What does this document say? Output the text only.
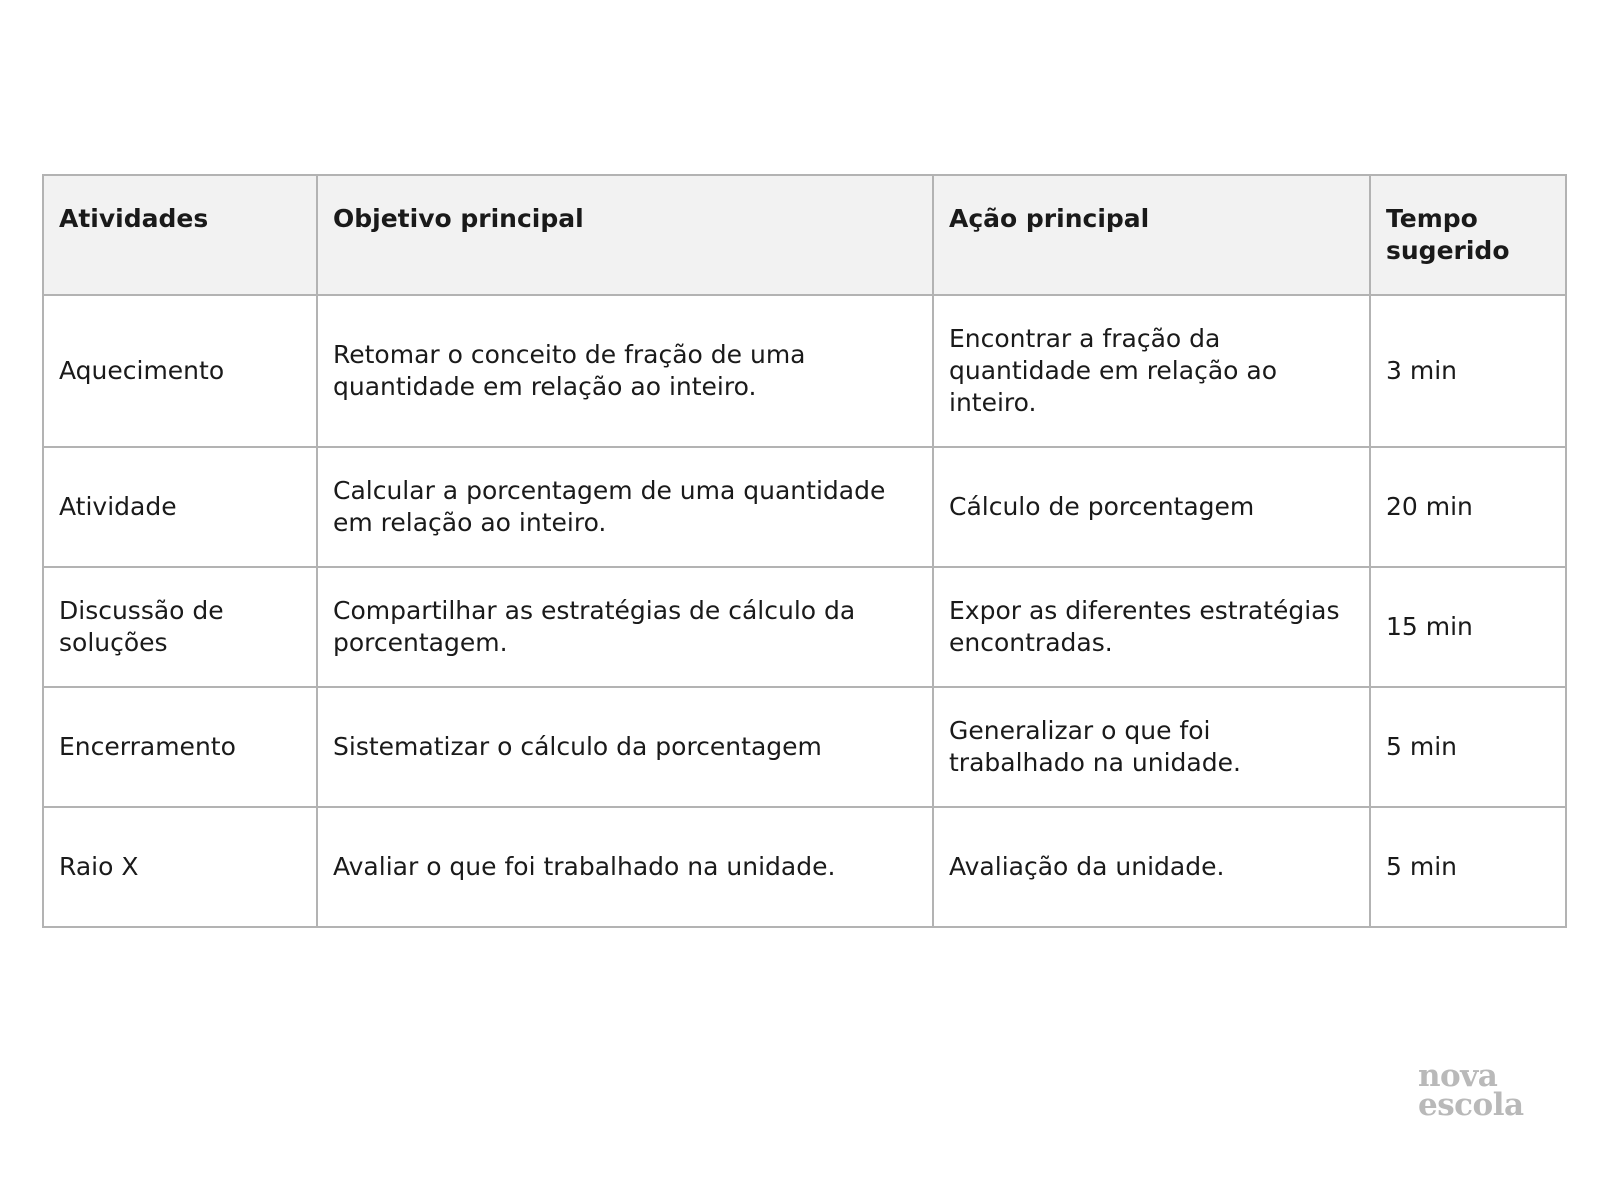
Atividades	Objetivo principal	Ação principal	Tempo sugerido
Aquecimento	Retomar o conceito de fração de uma quantidade em relação ao inteiro.	Encontrar a fração da quantidade em relação ao inteiro.	3 min
Atividade	Calcular a porcentagem de uma quantidade em relação ao inteiro.	Cálculo de porcentagem	20 min
Discussão de soluções	Compartilhar as estratégias de cálculo da porcentagem.	Expor as diferentes estratégias encontradas.	15 min
Encerramento	Sistematizar o cálculo da porcentagem	Generalizar o que foi trabalhado na unidade.	5 min
Raio X	Avaliar o que foi trabalhado na unidade.	Avaliação da unidade.	5 min
nova
escola
